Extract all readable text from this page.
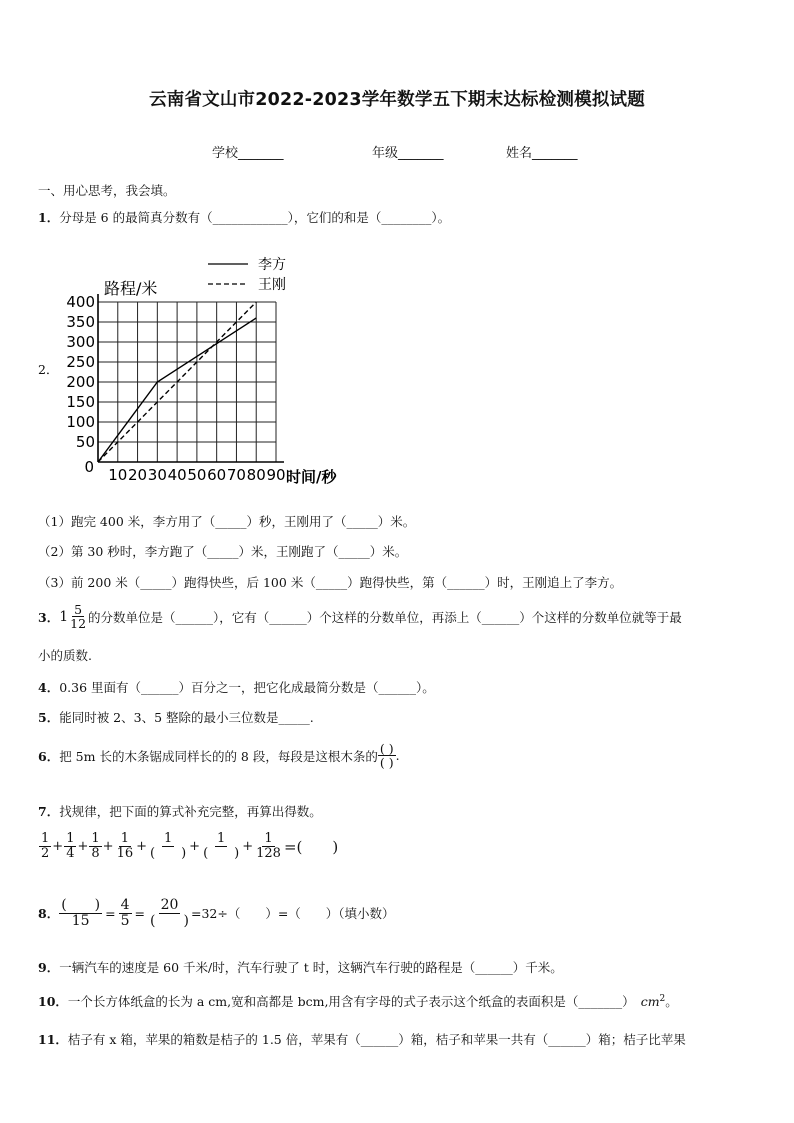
云南省文山市2022-2023学年数学五下期末达标检测模拟试题
学校_______	年级_______	姓名_______
一、用心思考，我会填。
1．分母是 6 的最简真分数有（____________），它们的和是（________）。
2．
10 20 30 40 50 60 70 80 90
50
100
150
200
250
300
350
400
0
路程/米
时间/秒
李方
王刚
（1）跑完 400 米，李方用了（_____）秒，王刚用了（_____）米。
（2）第 30 秒时，李方跑了（_____）米，王刚跑了（_____）米。
（3）前 200 米（_____）跑得快些，后 100 米（_____）跑得快些，第（______）时，王刚追上了李方。
3． $1 \frac{5}{12}$ 的分数单位是（______），它有（______）个这样的分数单位，再添上（______）个这样的分数单位就等于最
小的质数.
4．0.36 里面有（______）百分之一，把它化成最简分数是（______）。
5．能同时被 2、3、5 整除的最小三位数是_____.
6． 把 5m 长的木条锯成同样长的的 8 段，每段是这根木条的 $\frac{( )}{( )}$ .
7．找规律，把下面的算式补充完整，再算出得数。
$\frac{1}{2} + \frac{1}{4} + \frac{1}{8} + \frac{1}{16} + \frac{1}{( )} + \frac{1}{( )} + \frac{1}{128}$ =(　　)
8． $\frac{( )}{15} = \frac{4}{5} = \frac{20}{( )} =32\div$（　　）=（　　）（填小数）
9．一辆汽车的速度是 60 千米/时，汽车行驶了 t 时，这辆汽车行驶的路程是（______）千米。
10．一个长方体纸盒的长为 a cm,宽和高都是 bcm,用含有字母的式子表示这个纸盒的表面积是（_______） $cm^2$。
11．桔子有 x 箱，苹果的箱数是桔子的 1.5 倍，苹果有（______）箱，桔子和苹果一共有（______）箱；桔子比苹果
